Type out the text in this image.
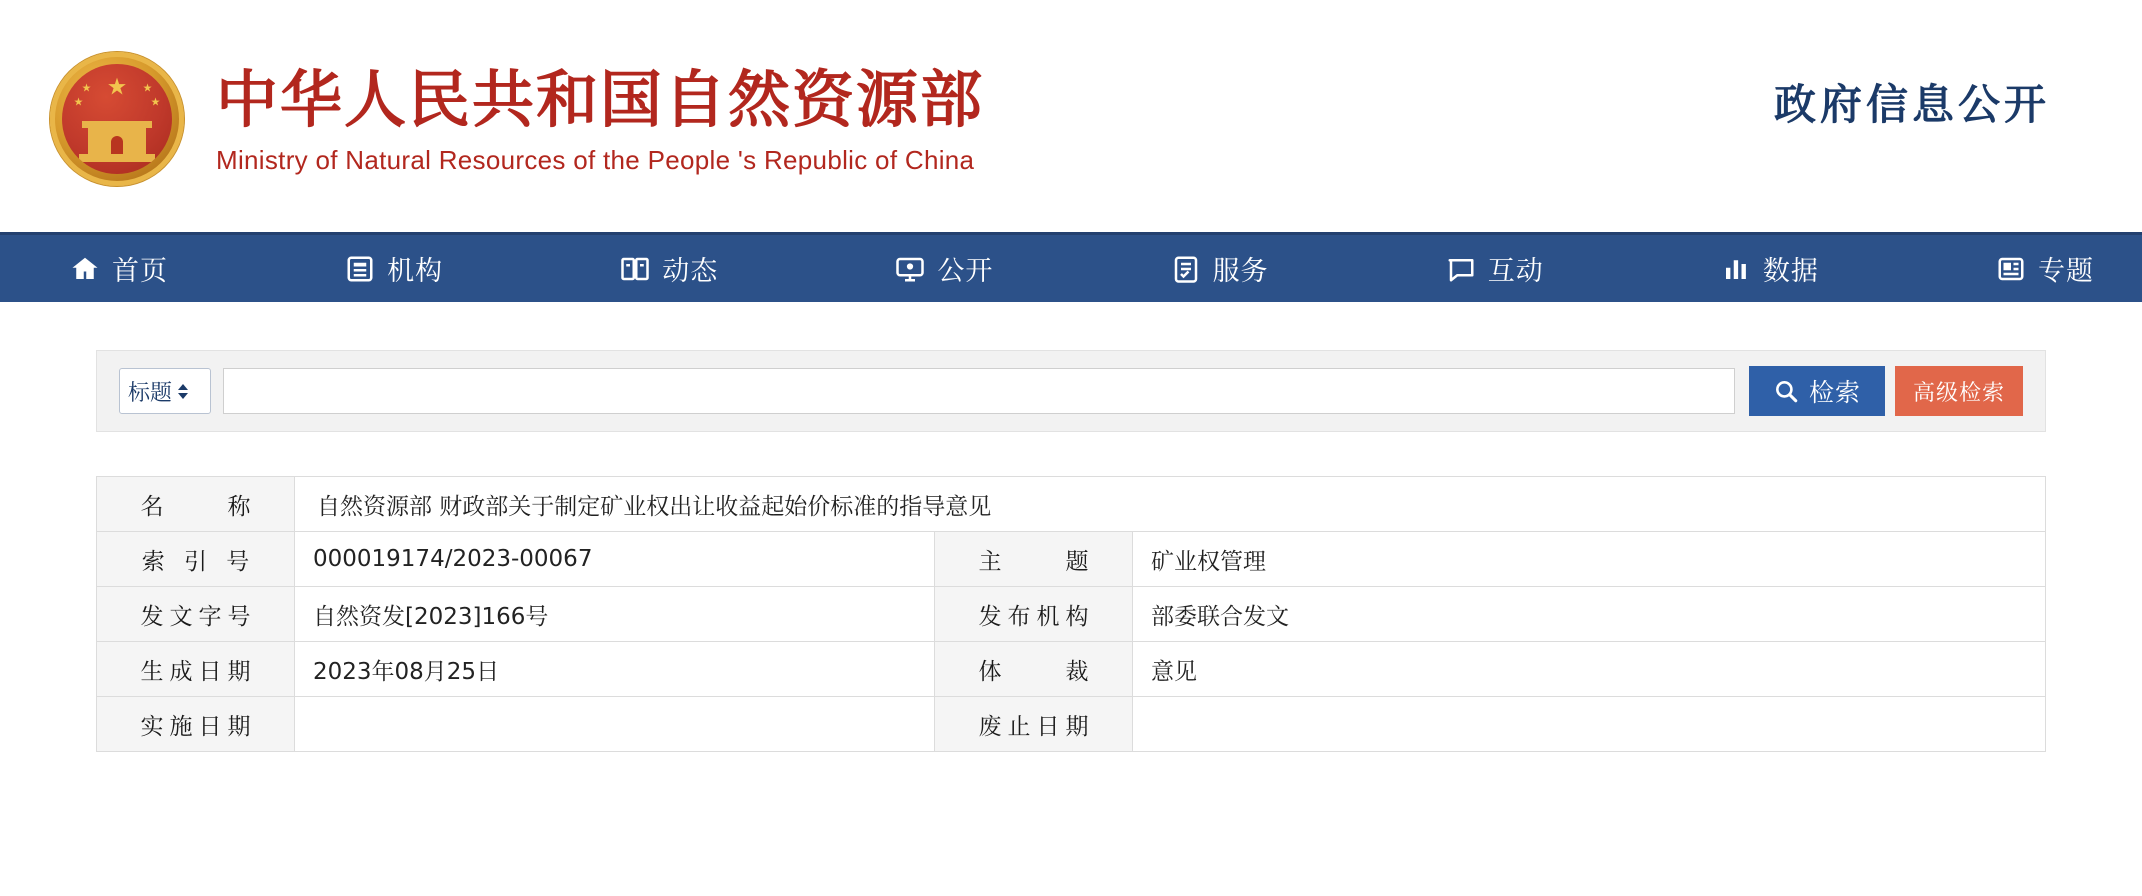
★
★
★
★
★ 中华人民共和国自然资源部
Ministry of Natural Resources of the People 's Republic of China
政府信息公开
首页	机构	动态	公开	服务	互动	数据	专题
标题	检索 高级检索
名　　称	自然资源部 财政部关于制定矿业权出让收益起始价标准的指导意见		
索 引 号	000019174/2023-00067	主　　题	矿业权管理
发文字号	自然资发[2023]166号	发布机构	部委联合发文
生成日期	2023年08月25日	体　　裁	意见
实施日期		废止日期	
